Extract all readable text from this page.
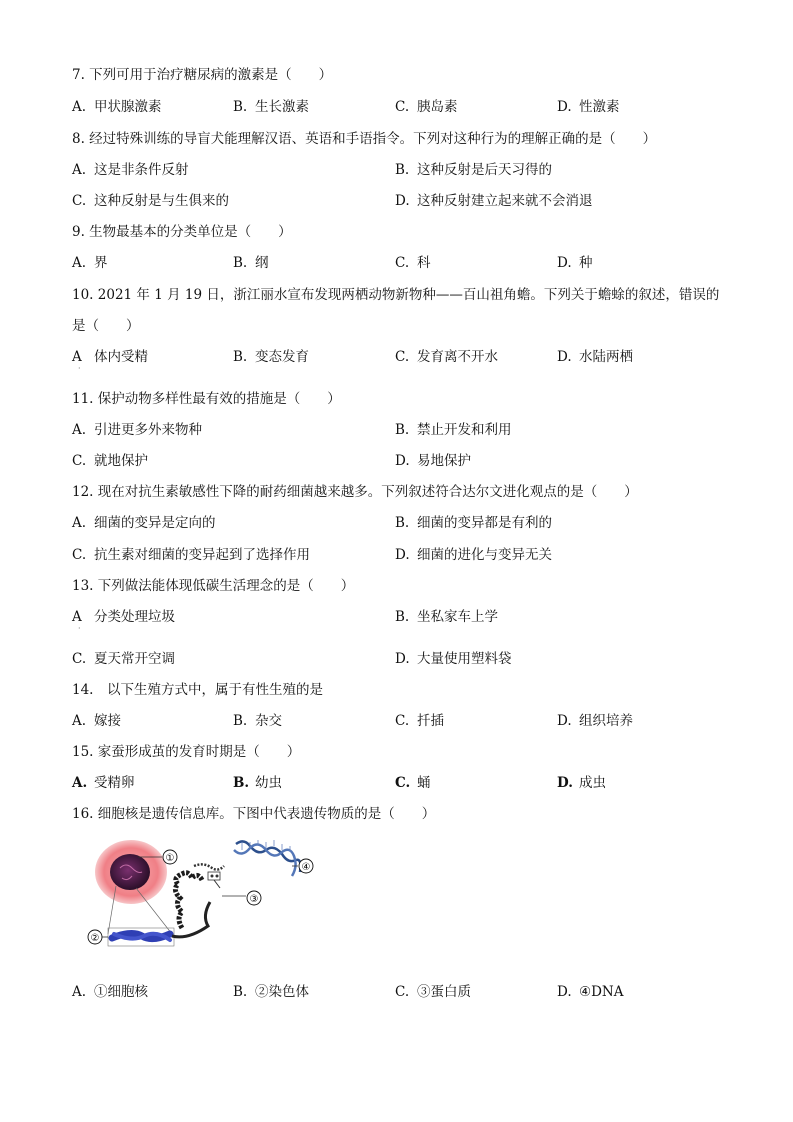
7. 下列可用于治疗糖尿病的激素是（　　）
A. 甲状腺激素	B. 生长激素	C. 胰岛素	D. 性激素
8. 经过特殊训练的导盲犬能理解汉语、英语和手语指令。下列对这种行为的理解正确的是（　　）
A. 这是非条件反射	B. 这种反射是后天习得的
C. 这种反射是与生俱来的	D. 这种反射建立起来就不会消退
9. 生物最基本的分类单位是（　　）
A. 界	B. 纲	C. 科	D. 种
10. 2021 年 1 月 19 日，浙江丽水宣布发现两栖动物新物种——百山祖角蟾。下列关于蟾蜍的叙述，错误的
是（　　）
A 体内受精	B. 变态发育	C. 发育离不开水	D. 水陆两栖
·
11. 保护动物多样性最有效的措施是（　　）
A. 引进更多外来物种	B. 禁止开发和利用
C. 就地保护	D. 易地保护
12. 现在对抗生素敏感性下降的耐药细菌越来越多。下列叙述符合达尔文进化观点的是（　　）
A. 细菌的变异是定向的	B. 细菌的变异都是有利的
C. 抗生素对细菌的变异起到了选择作用	D. 细菌的进化与变异无关
13. 下列做法能体现低碳生活理念的是（　　）
A 分类处理垃圾	B. 坐私家车上学
·
C. 夏天常开空调	D. 大量使用塑料袋
14.　以下生殖方式中，属于有性生殖的是
A. 嫁接	B. 杂交	C. 扦插	D. 组织培养
15. 家蚕形成茧的发育时期是（　　）
A. 受精卵	B. 幼虫	C. 蛹	D. 成虫
16. 细胞核是遗传信息库。下图中代表遗传物质的是（　　）
①
②
③
④
A. ①细胞核	B. ②染色体	C. ③蛋白质	D. ④DNA
